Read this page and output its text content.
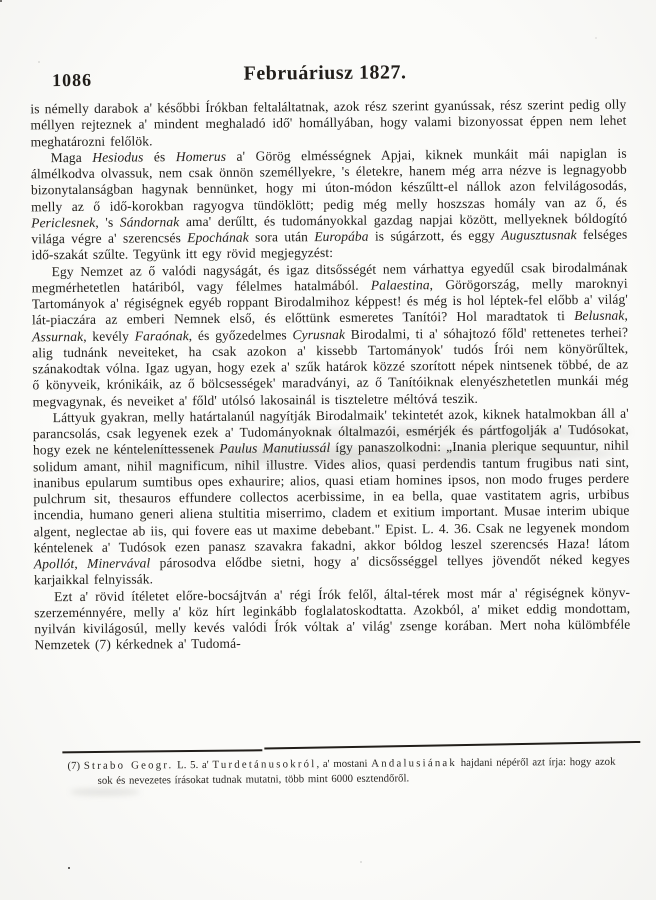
1086	Februáriusz 1827.

is némelly darabok a' későbbi Írókban feltaláltatnak, azok rész szerint gyanússak, rész szerint pedig olly méllyen rejteznek a' mindent meghaladó idő' homállyában, hogy valami bizonyossat éppen nem lehet meghatározni felőlök.

Maga Hesiodus és Homerus a' Görög elmésségnek Apjai, kiknek munkáit mái napiglan is álmélkodva olvassuk, nem csak önnön személlyekre, 's életekre, hanem még arra nézve is legnagyobb bizonytalanságban hagynak bennünket, hogy mi úton-módon készűltt-el nállok azon felvilágosodás, melly az ő idő-korokban ragyogva tündöklött; pedig még melly hoszszas homály van az ő, és Periclesnek, 's Sándornak ama' derűltt, és tudományokkal gazdag napjai között, mellyeknek bóldogító világa végre a' szerencsés Epochának sora után Europába is súgárzott, és eggy Augusztusnak felséges idő-szakát szűlte. Tegyünk itt egy rövid megjegyzést:

Egy Nemzet az ő valódi nagyságát, és igaz ditsősségét nem várhattya egyedűl csak birodalmának megmérhetetlen határiból, vagy félelmes hatalmából. Palaestina, Görögország, melly maroknyi Tartományok a' régiségnek egyéb roppant Birodalmihoz képpest! és még is hol léptek-fel előbb a' világ' lát-piaczára az emberi Nemnek első, és előttünk esmeretes Tanítói? Hol maradtatok ti Belusnak, Assurnak, kevély Faraónak, és győzedelmes Cyrusnak Birodalmi, ti a' sóhajtozó főld' rettenetes terhei? alig tudnánk neveiteket, ha csak azokon a' kissebb Tartományok' tudós Írói nem könyörűltek, szánakodtak vólna. Igaz ugyan, hogy ezek a' szűk határok közzé szorított népek nintsenek többé, de az ő könyveik, krónikáik, az ő bölcsességek' maradványi, az ő Tanítóiknak elenyészhetetlen munkái még megvagynak, és neveiket a' főld' utólsó lakosainál is tiszteletre méltóvá teszik.

Láttyuk gyakran, melly határtalanúl nagyítják Birodalmaik' tekintetét azok, kiknek hatalmokban áll a' parancsolás, csak legyenek ezek a' Tudományoknak óltalmazói, esmérjék és pártfogolják a' Tudósokat, hogy ezek ne kénteleníttessenek Paulus Manutiussál így panaszolkodni: „Inania plerique sequuntur, nihil solidum amant, nihil magnificum, nihil illustre. Vides alios, quasi perdendis tantum frugibus nati sint, inanibus epularum sumtibus opes exhaurire; alios, quasi etiam homines ipsos, non modo fruges perdere pulchrum sit, thesauros effundere collectos acerbissime, in ea bella, quae vastitatem agris, urbibus incendia, humano generi aliena stultitia miserrimo, cladem et exitium important. Musae interim ubique algent, neglectae ab iis, qui fovere eas ut maxime debebant." Epist. L. 4. 36. Csak ne legyenek mondom kéntelenek a' Tudósok ezen panasz szavakra fakadni, akkor bóldog leszel szerencsés Haza! látom Apollót, Minervával párosodva elődbe sietni, hogy a' dicsősséggel tellyes jövendőt néked kegyes karjaikkal felnyissák.

Ezt a' rövid ítéletet előre-bocsájtván a' régi Írók felől, által-térek most már a' régiségnek könyv-szerzeménnyére, melly a' köz hírt leginkább foglalatoskodtatta. Azokból, a' miket eddig mondottam, nyilván kivilágosúl, melly kevés valódi Írók vóltak a' világ' zsenge korában. Mert noha külömbféle Nemzetek (7) kérkednek a' Tudomá-

(7) Strabo Geogr. L. 5. a' Turdetánusokról, a' mostani Andalusiának hajdani népéről azt írja: hogy azok sok és nevezetes írásokat tudnak mutatni, több mint 6000 esztendőről.
